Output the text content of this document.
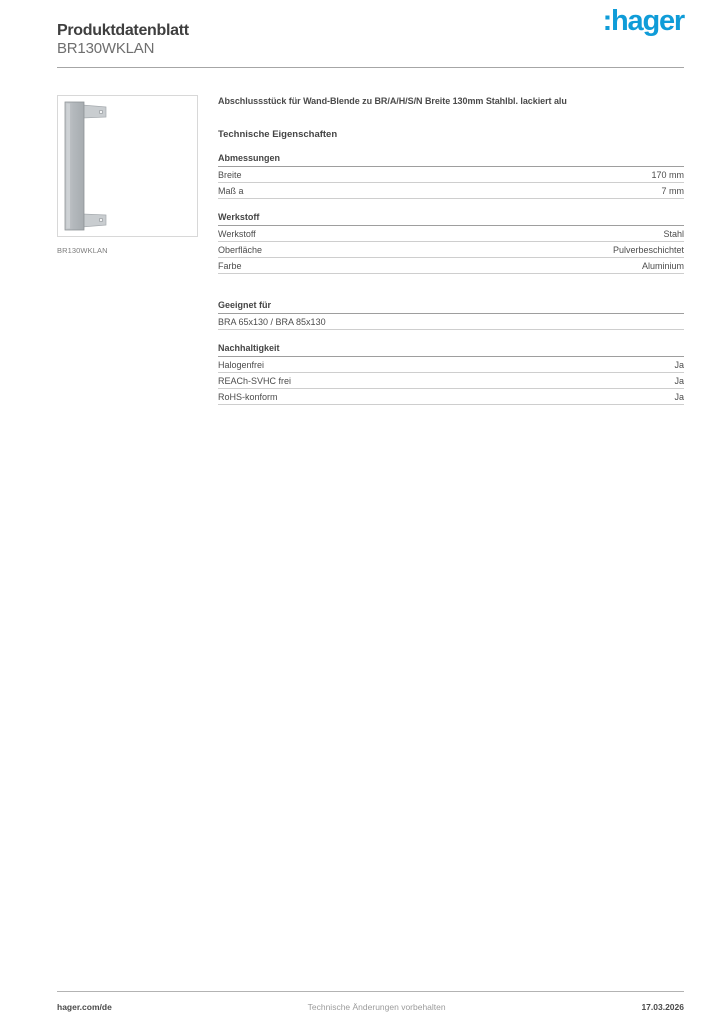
Produktdatenblatt
BR130WKLAN
:hager
BR130WKLAN
Abschlussstück für Wand-Blende zu BR/A/H/S/N Breite 130mm Stahlbl. lackiert alu
Technische Eigenschaften
Abmessungen
Breite	170 mm
Maß a	7 mm
Werkstoff
Werkstoff	Stahl
Oberfläche	Pulverbeschichtet
Farbe	Aluminium
Geeignet für
BRA 65x130 / BRA 85x130
Nachhaltigkeit
Halogenfrei	Ja
REACh-SVHC frei	Ja
RoHS-konform	Ja
hager.com/de	Technische Änderungen vorbehalten	17.03.2026
